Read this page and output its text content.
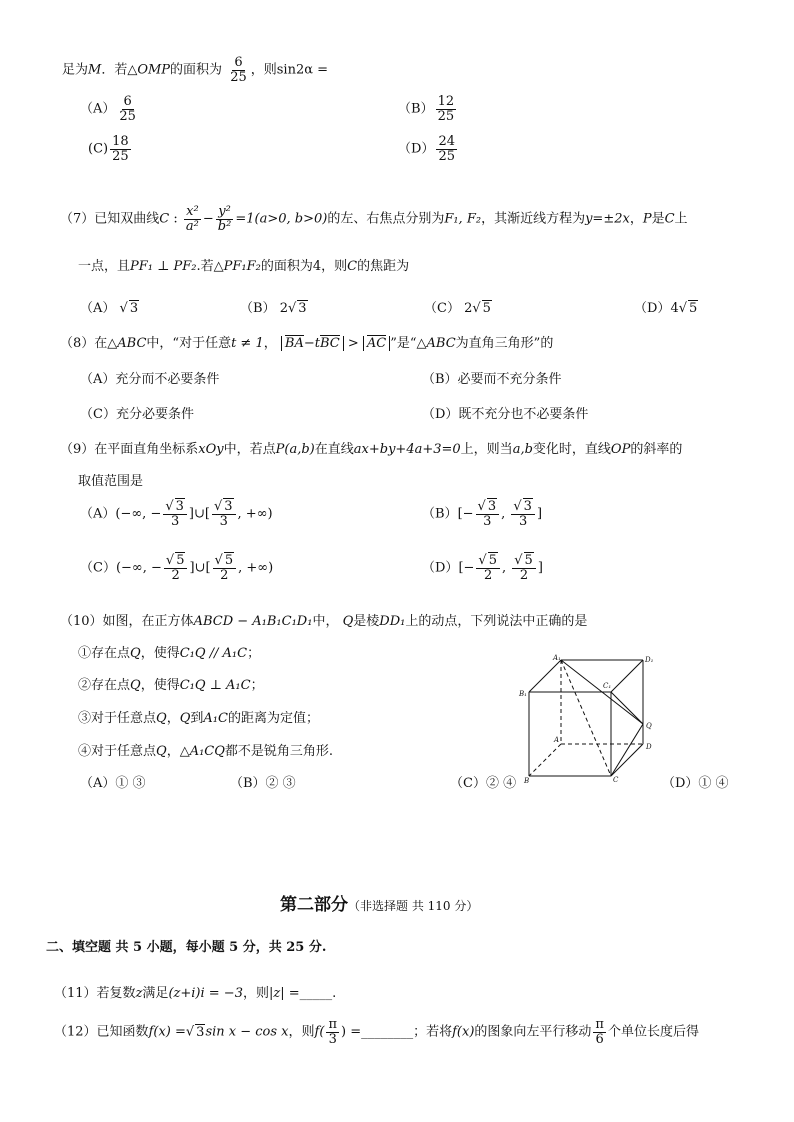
足为M．若△OMP的面积为 $\frac{6}{25}$ ，则sin2α =
$(A) \frac{6}{25}$	$(B) \frac{12}{25}$
$(C) \frac{18}{25}$	$(D) \frac{24}{25}$
（7）已知双曲线C : $\frac{\text{x²}}{\text{a²}} - \frac{\text{y²}}{\text{b²}} =1(a>0$, b>0)的左、右焦点分别为F₁, F₂，其渐近线方程为y=±2x，P是C上
一点，且PF₁ ⊥ PF₂.若△PF₁F₂的面积为4，则C的焦距为
（A） √ 3	（B） 2√ 3	（C） 2√ 5	（D）4√ 5
（8）在△ABC中，“对于任意t ≠ 1， BA−tBC > AC ”是“△ABC为直角三角形”的
（A）充分而不必要条件	（B）必要而不充分条件
（C）充分必要条件	（D）既不充分也不必要条件
（9）在平面直角坐标系xOy中，若点P(a,b)在直线ax+by+4a+3=0上，则当a,b变化时，直线OP的斜率的
取值范围是
（A）(−∞, − $\frac{√ 3}{3}$ ]∪[ $\frac{√ 3}{3}$ , +∞)	$(B)[- \frac{√ 3}{3}$ , $\frac{√ 3}{3}$ ]
（C）(−∞, − $\frac{√ 5}{2}$ ]∪[ $\frac{√ 5}{2}$ , +∞)	$(D)[- \frac{√ 5}{2}$ , $\frac{√ 5}{2}$ ]
（10）如图，在正方体ABCD − A₁B₁C₁D₁中， Q是棱DD₁上的动点，下列说法中正确的是
①存在点Q，使得C₁Q // A₁C；
②存在点Q，使得C₁Q ⊥ A₁C；
③对于任意点Q，Q到A₁C的距离为定值；
④对于任意点Q，△A₁CQ都不是锐角三角形.
（A）① ③	（B）② ③	（C）② ④	（D）① ④
A₁	D₁
B₁
C₁
A
D
B	C
Q
第二部分（非选择题 共 110 分）
二、填空题 共 5 小题，每小题 5 分，共 25 分.
（11）若复数z满足(z+i)i = −3，则|z| =_____.
（12）已知函数f(x) =√ 3sin x − cos x，则$f( \frac{\pi}{3}$ ) =________；若将f(x)的图象向左平行移动 $\frac{\pi}{6}$ 个单位长度后得
